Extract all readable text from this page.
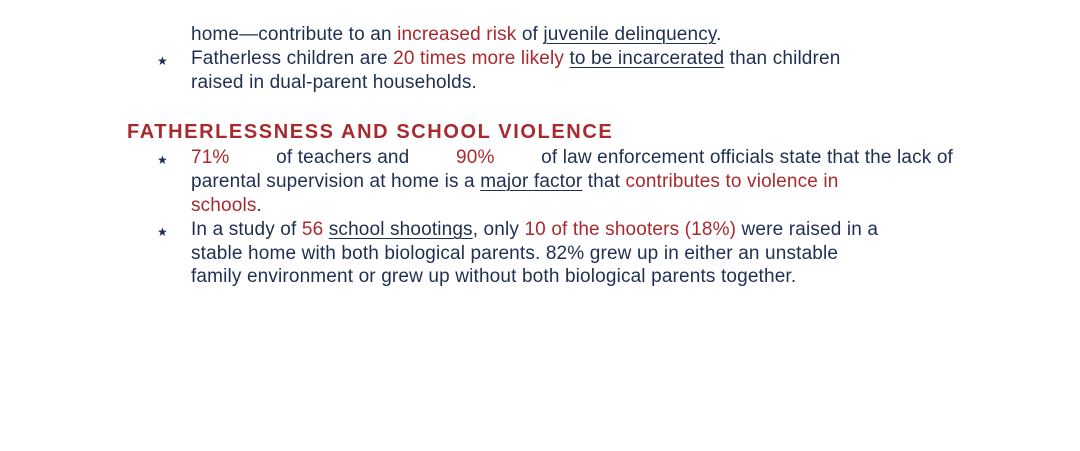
home—contribute to an increased risk of juvenile delinquency.
★ Fatherless children are 20 times more likely to be incarcerated than children
raised in dual-parent households.
FATHERLESSNESS AND SCHOOL VIOLENCE
★ 71% of teachers and 90% of law enforcement officials state that the lack of
parental supervision at home is a major factor that contributes to violence in
schools.
★ In a study of 56 school shootings, only 10 of the shooters (18%) were raised in a
stable home with both biological parents. 82% grew up in either an unstable
family environment or grew up without both biological parents together.
